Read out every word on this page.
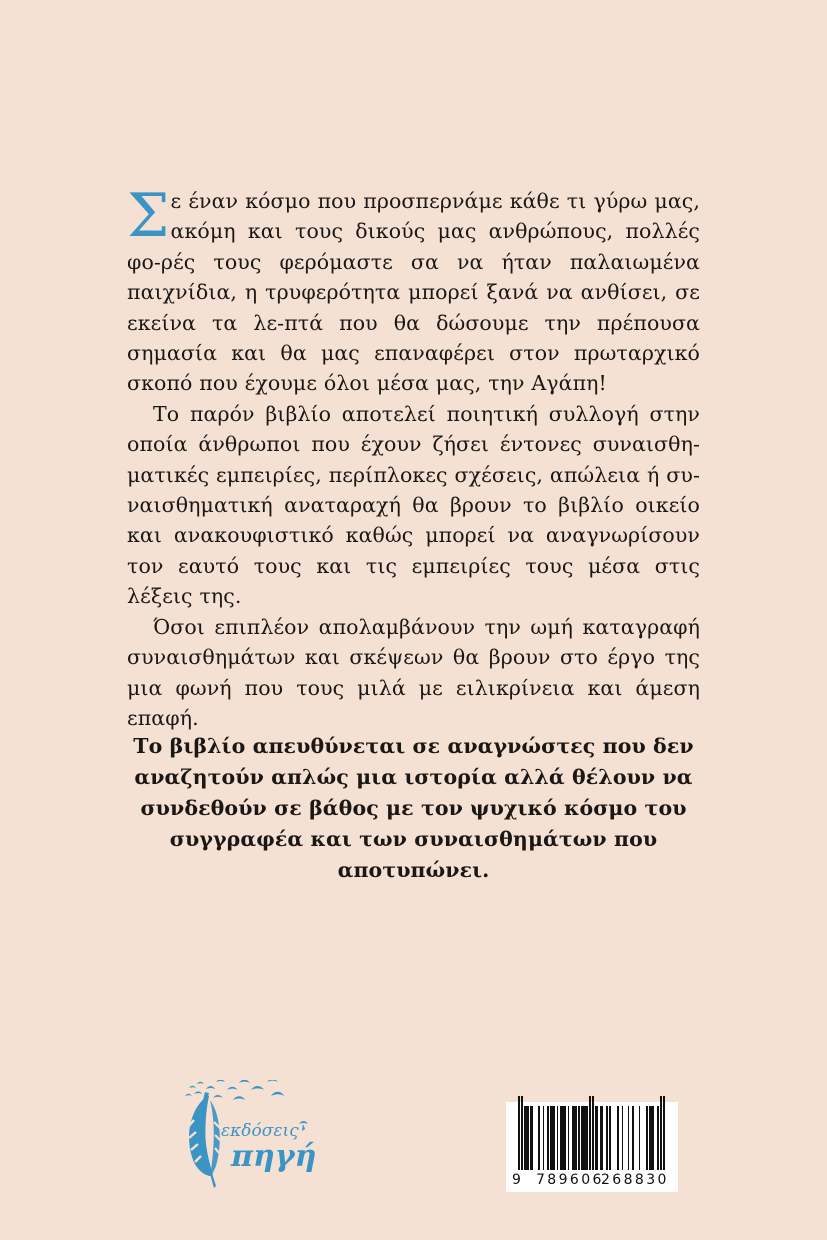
Σε έναν κόσμο που προσπερνάμε κάθε τι γύρω μας, ακόμη και τους δικούς μας ανθρώπους, πολλές φο-ρές τους φερόμαστε σα να ήταν παλαιωμένα παιχνίδια, η τρυφερότητα μπορεί ξανά να ανθίσει, σε εκείνα τα λε-πτά που θα δώσουμε την πρέπουσα σημασία και θα μας επαναφέρει στον πρωταρχικό σκοπό που έχουμε όλοι μέσα μας, την Αγάπη!

Το παρόν βιβλίο αποτελεί ποιητική συλλογή στην οποία άνθρωποι που έχουν ζήσει έντονες συναισθη-ματικές εμπειρίες, περίπλοκες σχέσεις, απώλεια ή συ-ναισθηματική αναταραχή θα βρουν το βιβλίο οικείο και ανακουφιστικό καθώς μπορεί να αναγνωρίσουν τον εαυτό τους και τις εμπειρίες τους μέσα στις λέξεις της.

Όσοι επιπλέον απολαμβάνουν την ωμή καταγραφή συναισθημάτων και σκέψεων θα βρουν στο έργο της μια φωνή που τους μιλά με ειλικρίνεια και άμεση επαφή.

Το βιβλίο απευθύνεται σε αναγνώστες που δεν αναζητούν απλώς μια ιστορία αλλά θέλουν να συνδεθούν σε βάθος με τον ψυχικό κόσμο του συγγραφέα και των συναισθημάτων που αποτυπώνει.

εκδόσεις
πηγή
9 789606
268830
